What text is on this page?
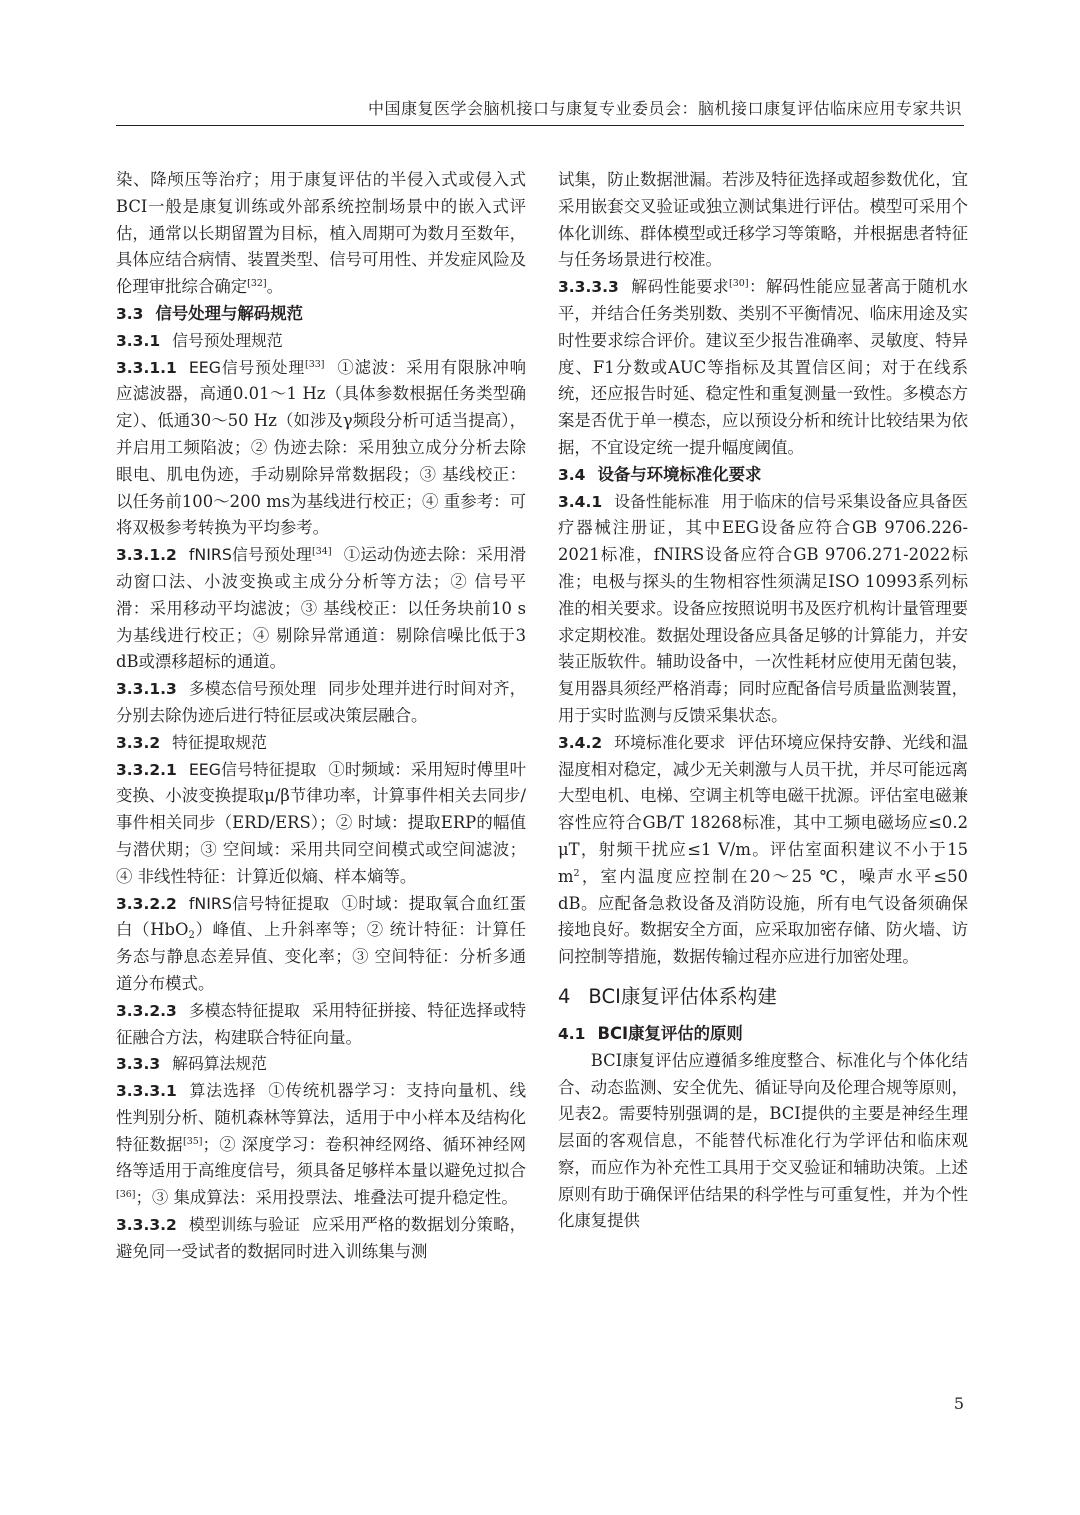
中国康复医学会脑机接口与康复专业委员会：脑机接口康复评估临床应用专家共识

染、降颅压等治疗；用于康复评估的半侵入式或侵入式BCI一般是康复训练或外部系统控制场景中的嵌入式评估，通常以长期留置为目标，植入周期可为数月至数年，具体应结合病情、装置类型、信号可用性、并发症风险及伦理审批综合确定[32]。

3.3 信号处理与解码规范

3.3.1 信号预处理规范

3.3.1.1 EEG信号预处理[33] ①滤波：采用有限脉冲响应滤波器，高通0.01～1 Hz（具体参数根据任务类型确定）、低通30～50 Hz（如涉及γ频段分析可适当提高），并启用工频陷波；② 伪迹去除：采用独立成分分析去除眼电、肌电伪迹，手动剔除异常数据段；③ 基线校正：以任务前100～200 ms为基线进行校正；④ 重参考：可将双极参考转换为平均参考。

3.3.1.2 fNIRS信号预处理[34] ①运动伪迹去除：采用滑动窗口法、小波变换或主成分分析等方法；② 信号平滑：采用移动平均滤波；③ 基线校正：以任务块前10 s为基线进行校正；④ 剔除异常通道：剔除信噪比低于3 dB或漂移超标的通道。

3.3.1.3 多模态信号预处理 同步处理并进行时间对齐，分别去除伪迹后进行特征层或决策层融合。

3.3.2 特征提取规范

3.3.2.1 EEG信号特征提取 ①时频域：采用短时傅里叶变换、小波变换提取μ/β节律功率，计算事件相关去同步/事件相关同步（ERD/ERS）；② 时域：提取ERP的幅值与潜伏期；③ 空间域：采用共同空间模式或空间滤波；④ 非线性特征：计算近似熵、样本熵等。

3.3.2.2 fNIRS信号特征提取 ①时域：提取氧合血红蛋白（HbO$_2$）峰值、上升斜率等；② 统计特征：计算任务态与静息态差异值、变化率；③ 空间特征：分析多通道分布模式。

3.3.2.3 多模态特征提取 采用特征拼接、特征选择或特征融合方法，构建联合特征向量。

3.3.3 解码算法规范

3.3.3.1 算法选择 ①传统机器学习：支持向量机、线性判别分析、随机森林等算法，适用于中小样本及结构化特征数据[35]；② 深度学习：卷积神经网络、循环神经网络等适用于高维度信号，须具备足够样本量以避免过拟合[36]；③ 集成算法：采用投票法、堆叠法可提升稳定性。

3.3.3.2 模型训练与验证 应采用严格的数据划分策略，避免同一受试者的数据同时进入训练集与测

试集，防止数据泄漏。若涉及特征选择或超参数优化，宜采用嵌套交叉验证或独立测试集进行评估。模型可采用个体化训练、群体模型或迁移学习等策略，并根据患者特征与任务场景进行校准。

3.3.3.3 解码性能要求[30]：解码性能应显著高于随机水平，并结合任务类别数、类别不平衡情况、临床用途及实时性要求综合评价。建议至少报告准确率、灵敏度、特异度、F1分数或AUC等指标及其置信区间；对于在线系统，还应报告时延、稳定性和重复测量一致性。多模态方案是否优于单一模态，应以预设分析和统计比较结果为依据，不宜设定统一提升幅度阈值。

3.4 设备与环境标准化要求

3.4.1 设备性能标准 用于临床的信号采集设备应具备医疗器械注册证，其中EEG设备应符合GB 9706.226-2021标准，fNIRS设备应符合GB 9706.271-2022标准；电极与探头的生物相容性须满足ISO 10993系列标准的相关要求。设备应按照说明书及医疗机构计量管理要求定期校准。数据处理设备应具备足够的计算能力，并安装正版软件。辅助设备中，一次性耗材应使用无菌包装，复用器具须经严格消毒；同时应配备信号质量监测装置，用于实时监测与反馈采集状态。

3.4.2 环境标准化要求 评估环境应保持安静、光线和温湿度相对稳定，减少无关刺激与人员干扰，并尽可能远离大型电机、电梯、空调主机等电磁干扰源。评估室电磁兼容性应符合GB/T 18268标准，其中工频电磁场应≤0.2 μT，射频干扰应≤1 V/m。评估室面积建议不小于15 $m^2$，室内温度应控制在20～25 ℃，噪声水平≤50 dB。应配备急救设备及消防设施，所有电气设备须确保接地良好。数据安全方面，应采取加密存储、防火墙、访问控制等措施，数据传输过程亦应进行加密处理。

4 BCI康复评估体系构建

4.1 BCI康复评估的原则

BCI康复评估应遵循多维度整合、标准化与个体化结合、动态监测、安全优先、循证导向及伦理合规等原则，见表2。需要特别强调的是，BCI提供的主要是神经生理层面的客观信息，不能替代标准化行为学评估和临床观察，而应作为补充性工具用于交叉验证和辅助决策。上述原则有助于确保评估结果的科学性与可重复性，并为个性化康复提供

5
